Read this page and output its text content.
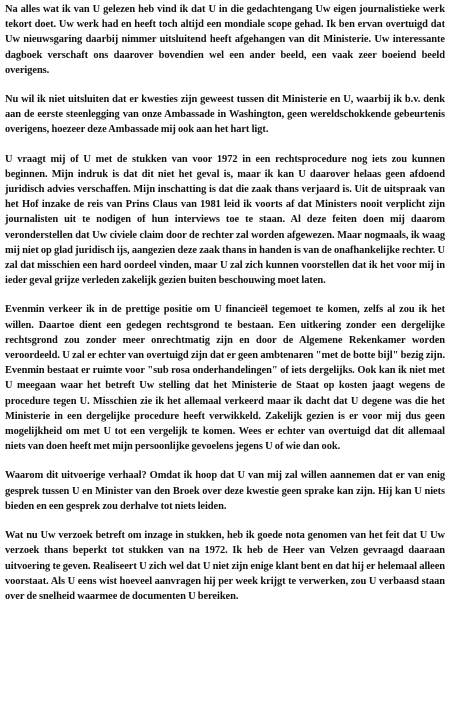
Na alles wat ik van U gelezen heb vind ik dat U in die gedachtengang Uw eigen journalistieke werk tekort doet. Uw werk had en heeft toch altijd een mondiale scope gehad. Ik ben ervan overtuigd dat Uw nieuwsgaring daarbij nimmer uitsluitend heeft afgehangen van dit Ministerie. Uw interessante dagboek verschaft ons daarover bovendien wel een ander beeld, een vaak zeer boeiend beeld overigens.

Nu wil ik niet uitsluiten dat er kwesties zijn geweest tussen dit Ministerie en U, waarbij ik b.v. denk aan de eerste steenlegging van onze Ambassade in Washington, geen wereldschokkende gebeurtenis overigens, hoezeer deze Ambassade mij ook aan het hart ligt.

U vraagt mij of U met de stukken van voor 1972 in een rechtsprocedure nog iets zou kunnen beginnen. Mijn indruk is dat dit niet het geval is, maar ik kan U daarover helaas geen afdoend juridisch advies verschaffen. Mijn inschatting is dat die zaak thans verjaard is. Uit de uitspraak van het Hof inzake de reis van Prins Claus van 1981 leid ik voorts af dat Ministers nooit verplicht zijn journalisten uit te nodigen of hun interviews toe te staan. Al deze feiten doen mij daarom veronderstellen dat Uw civiele claim door de rechter zal worden afgewezen. Maar nogmaals, ik waag mij niet op glad juridisch ijs, aangezien deze zaak thans in handen is van de onafhankelijke rechter. U zal dat misschien een hard oordeel vinden, maar U zal zich kunnen voorstellen dat ik het voor mij in ieder geval grijze verleden zakelijk gezien buiten beschouwing moet laten.

Evenmin verkeer ik in de prettige positie om U financieël tegemoet te komen, zelfs al zou ik het willen. Daartoe dient een gedegen rechtsgrond te bestaan. Een uitkering zonder een dergelijke rechtsgrond zou zonder meer onrechtmatig zijn en door de Algemene Rekenkamer worden veroordeeld. U zal er echter van overtuigd zijn dat er geen ambtenaren "met de botte bijl" bezig zijn. Evenmin bestaat er ruimte voor "sub rosa onderhandelingen" of iets dergelijks. Ook kan ik niet met U meegaan waar het betreft Uw stelling dat het Ministerie de Staat op kosten jaagt wegens de procedure tegen U. Misschien zie ik het allemaal verkeerd maar ik dacht dat U degene was die het Ministerie in een dergelijke procedure heeft verwikkeld. Zakelijk gezien is er voor mij dus geen mogelijkheid om met U tot een vergelijk te komen. Wees er echter van overtuigd dat dit allemaal niets van doen heeft met mijn persoonlijke gevoelens jegens U of wie dan ook.

Waarom dit uitvoerige verhaal? Omdat ik hoop dat U van mij zal willen aannemen dat er van enig gesprek tussen U en Minister van den Broek over deze kwestie geen sprake kan zijn. Hij kan U niets bieden en een gesprek zou derhalve tot niets leiden.

Wat nu Uw verzoek betreft om inzage in stukken, heb ik goede nota genomen van het feit dat U Uw verzoek thans beperkt tot stukken van na 1972. Ik heb de Heer van Velzen gevraagd daaraan uitvoering te geven. Realiseert U zich wel dat U niet zijn enige klant bent en dat hij er helemaal alleen voorstaat. Als U eens wist hoeveel aanvragen hij per week krijgt te verwerken, zou U verbaasd staan over de snelheid waarmee de documenten U bereiken.
